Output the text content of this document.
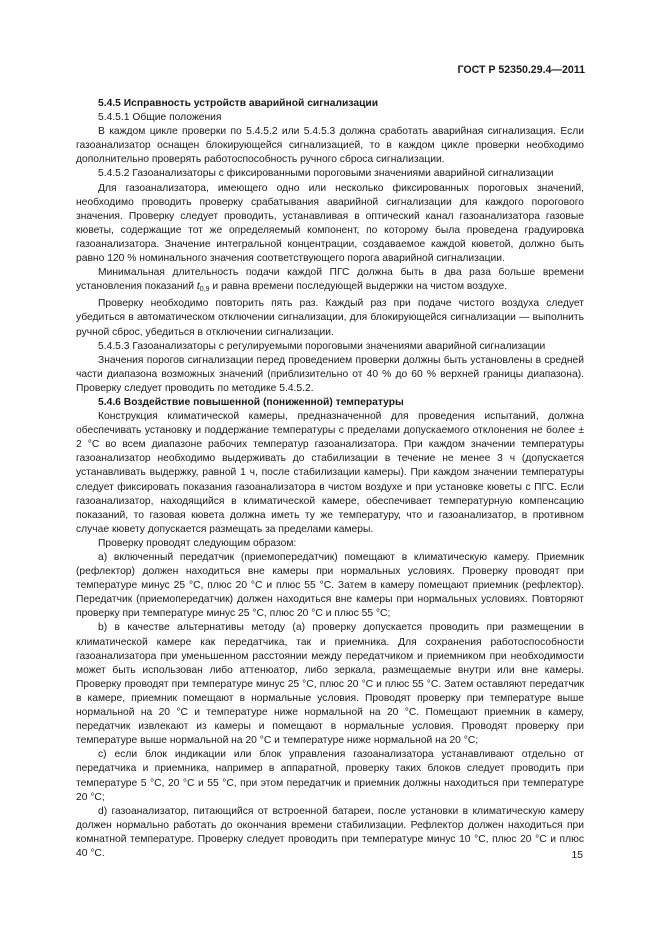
ГОСТ Р 52350.29.4—2011

5.4.5 Исправность устройств аварийной сигнализации

5.4.5.1 Общие положения

В каждом цикле проверки по 5.4.5.2 или 5.4.5.3 должна сработать аварийная сигнализация. Если газоанализатор оснащен блокирующейся сигнализацией, то в каждом цикле проверки необходимо дополнительно проверять работоспособность ручного сброса сигнализации.

5.4.5.2 Газоанализаторы с фиксированными пороговыми значениями аварийной сигнализации

Для газоанализатора, имеющего одно или несколько фиксированных пороговых значений, необходимо проводить проверку срабатывания аварийной сигнализации для каждого порогового значения. Проверку следует проводить, устанавливая в оптический канал газоанализатора газовые кюветы, содержащие тот же определяемый компонент, по которому была проведена градуировка газоанализатора. Значение интегральной концентрации, создаваемое каждой кюветой, должно быть равно 120 % номинального значения соответствующего порога аварийной сигнализации.

Минимальная длительность подачи каждой ПГС должна быть в два раза больше времени установления показаний $t_{0,9}$ и равна времени последующей выдержки на чистом воздухе.

Проверку необходимо повторить пять раз. Каждый раз при подаче чистого воздуха следует убедиться в автоматическом отключении сигнализации, для блокирующейся сигнализации — выполнить ручной сброс, убедиться в отключении сигнализации.

5.4.5.3 Газоанализаторы с регулируемыми пороговыми значениями аварийной сигнализации

Значения порогов сигнализации перед проведением проверки должны быть установлены в средней части диапазона возможных значений (приблизительно от 40 % до 60 % верхней границы диапазона). Проверку следует проводить по методике 5.4.5.2.

5.4.6 Воздействие повышенной (пониженной) температуры

Конструкция климатической камеры, предназначенной для проведения испытаний, должна обеспечивать установку и поддержание температуры с пределами допускаемого отклонения не более ± 2 °С во всем диапазоне рабочих температур газоанализатора. При каждом значении температуры газоанализатор необходимо выдерживать до стабилизации в течение не менее 3 ч (допускается устанавливать выдержку, равной 1 ч, после стабилизации камеры). При каждом значении температуры следует фиксировать показания газоанализатора в чистом воздухе и при установке кюветы с ПГС. Если газоанализатор, находящийся в климатической камере, обеспечивает температурную компенсацию показаний, то газовая кювета должна иметь ту же температуру, что и газоанализатор, в противном случае кювету допускается размещать за пределами камеры.

Проверку проводят следующим образом:

а) включенный передатчик (приемопередатчик) помещают в климатическую камеру. Приемник (рефлектор) должен находиться вне камеры при нормальных условиях. Проверку проводят при температуре минус 25 °С, плюс 20 °С и плюс 55 °С. Затем в камеру помещают приемник (рефлектор). Передатчик (приемопередатчик) должен находиться вне камеры при нормальных условиях. Повторяют проверку при температуре минус 25 °С, плюс 20 °С и плюс 55 °С;

b) в качестве альтернативы методу (а) проверку допускается проводить при размещении в климатической камере как передатчика, так и приемника. Для сохранения работоспособности газоанализатора при уменьшенном расстоянии между передатчиком и приемником при необходимости может быть использован либо аттенюатор, либо зеркала, размещаемые внутри или вне камеры. Проверку проводят при температуре минус 25 °С, плюс 20 °С и плюс 55 °С. Затем оставляют передатчик в камере, приемник помещают в нормальные условия. Проводят проверку при температуре выше нормальной на 20 °С и температуре ниже нормальной на 20 °С. Помещают приемник в камеру, передатчик извлекают из камеры и помещают в нормальные условия. Проводят проверку при температуре выше нормальной на 20 °С и температуре ниже нормальной на 20 °С;

c) если блок индикации или блок управления газоанализатора устанавливают отдельно от передатчика и приемника, например в аппаратной, проверку таких блоков следует проводить при температуре 5 °С, 20 °С и 55 °С, при этом передатчик и приемник должны находиться при температуре 20 °С;

d) газоанализатор, питающийся от встроенной батареи, после установки в климатическую камеру должен нормально работать до окончания времени стабилизации. Рефлектор должен находиться при комнатной температуре. Проверку следует проводить при температуре минус 10 °С, плюс 20 °С и плюс 40 °С.	15
